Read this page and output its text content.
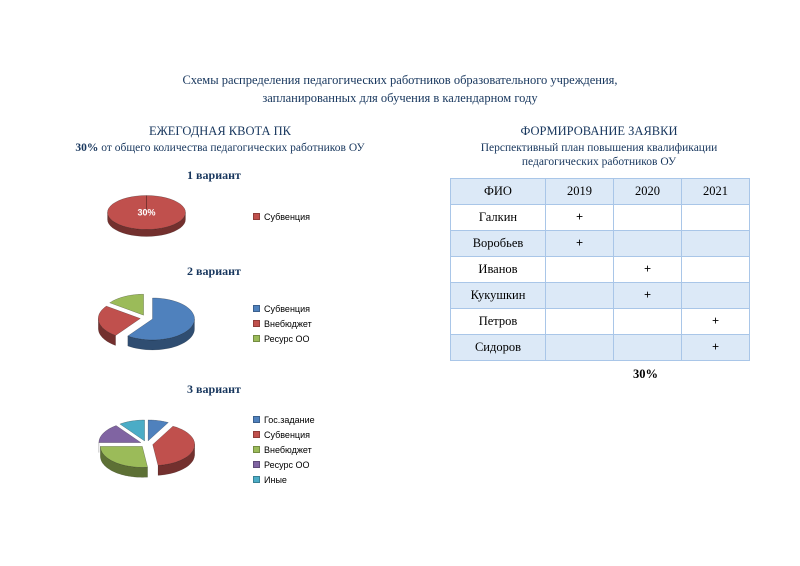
Схемы распределения педагогических работников образовательного учреждения,
запланированных для обучения в календарном году
ЕЖЕГОДНАЯ КВОТА ПК
30% от общего количества педагогических работников ОУ
1 вариант
30%	Субвенция
2 вариант
Субвенция
Внебюджет
Ресурс ОО
3 вариант
Гос.задание
Субвенция
Внебюджет
Ресурс ОО
Иные
ФОРМИРОВАНИЕ ЗАЯВКИ
Перспективный план повышения квалификации
педагогических работников ОУ
ФИО	2019	2020	2021
Галкин	+		
Воробьев	+		
Иванов		+	
Кукушкин		+	
Петров			+
Сидоров			+
30%
